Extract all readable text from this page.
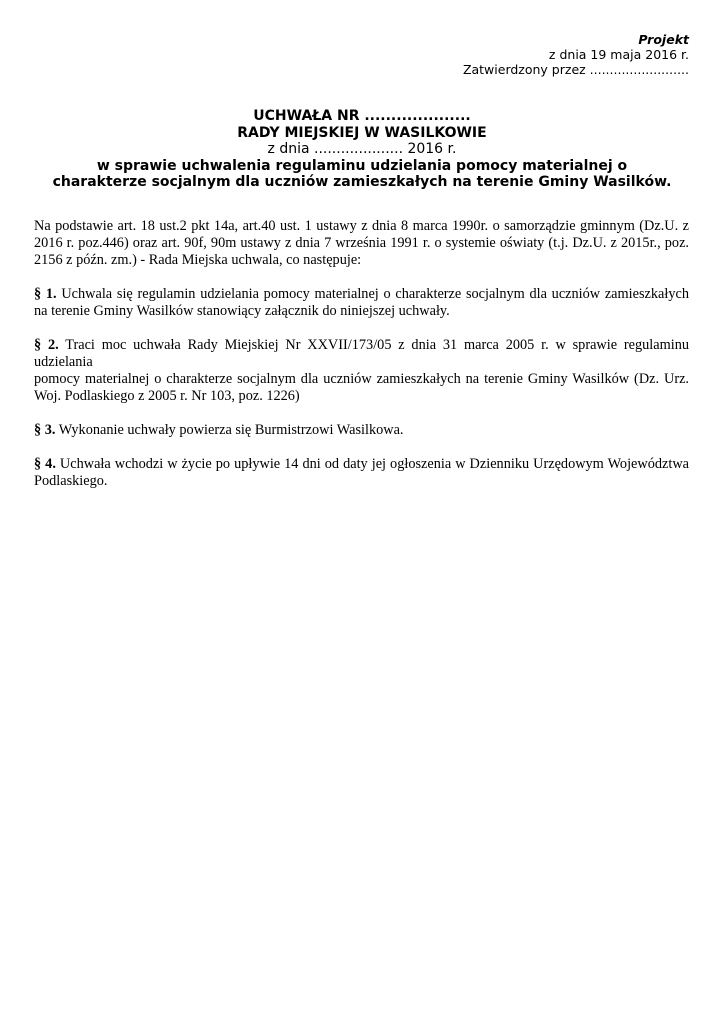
Projekt
z dnia 19 maja 2016 r.
Zatwierdzony przez .........................
UCHWAŁA NR ....................
RADY MIEJSKIEJ W WASILKOWIE
z dnia .................... 2016 r.
w sprawie uchwalenia regulaminu udzielania pomocy materialnej o
charakterze socjalnym dla uczniów zamieszkałych na terenie Gminy Wasilków.

Na podstawie art. 18 ust.2 pkt 14a, art.40 ust. 1 ustawy z dnia 8 marca 1990r. o samorządzie gminnym (Dz.U. z 2016 r. poz.446) oraz art. 90f, 90m ustawy z dnia 7 września 1991 r. o systemie oświaty (t.j. Dz.U. z 2015r., poz. 2156 z późn. zm.) - Rada Miejska uchwala, co następuje:

§ 1. Uchwala się regulamin udzielania pomocy materialnej o charakterze socjalnym dla uczniów zamieszkałych na terenie Gminy Wasilków stanowiący załącznik do niniejszej uchwały.

§ 2. Traci moc uchwała Rady Miejskiej Nr XXVII/173/05 z dnia 31 marca 2005 r. w sprawie regulaminu udzielania
pomocy materialnej o charakterze socjalnym dla uczniów zamieszkałych na terenie Gminy Wasilków (Dz. Urz. Woj. Podlaskiego z 2005 r. Nr 103, poz. 1226)

§ 3. Wykonanie uchwały powierza się Burmistrzowi Wasilkowa.

§ 4. Uchwała wchodzi w życie po upływie 14 dni od daty jej ogłoszenia w Dzienniku Urzędowym Województwa Podlaskiego.
